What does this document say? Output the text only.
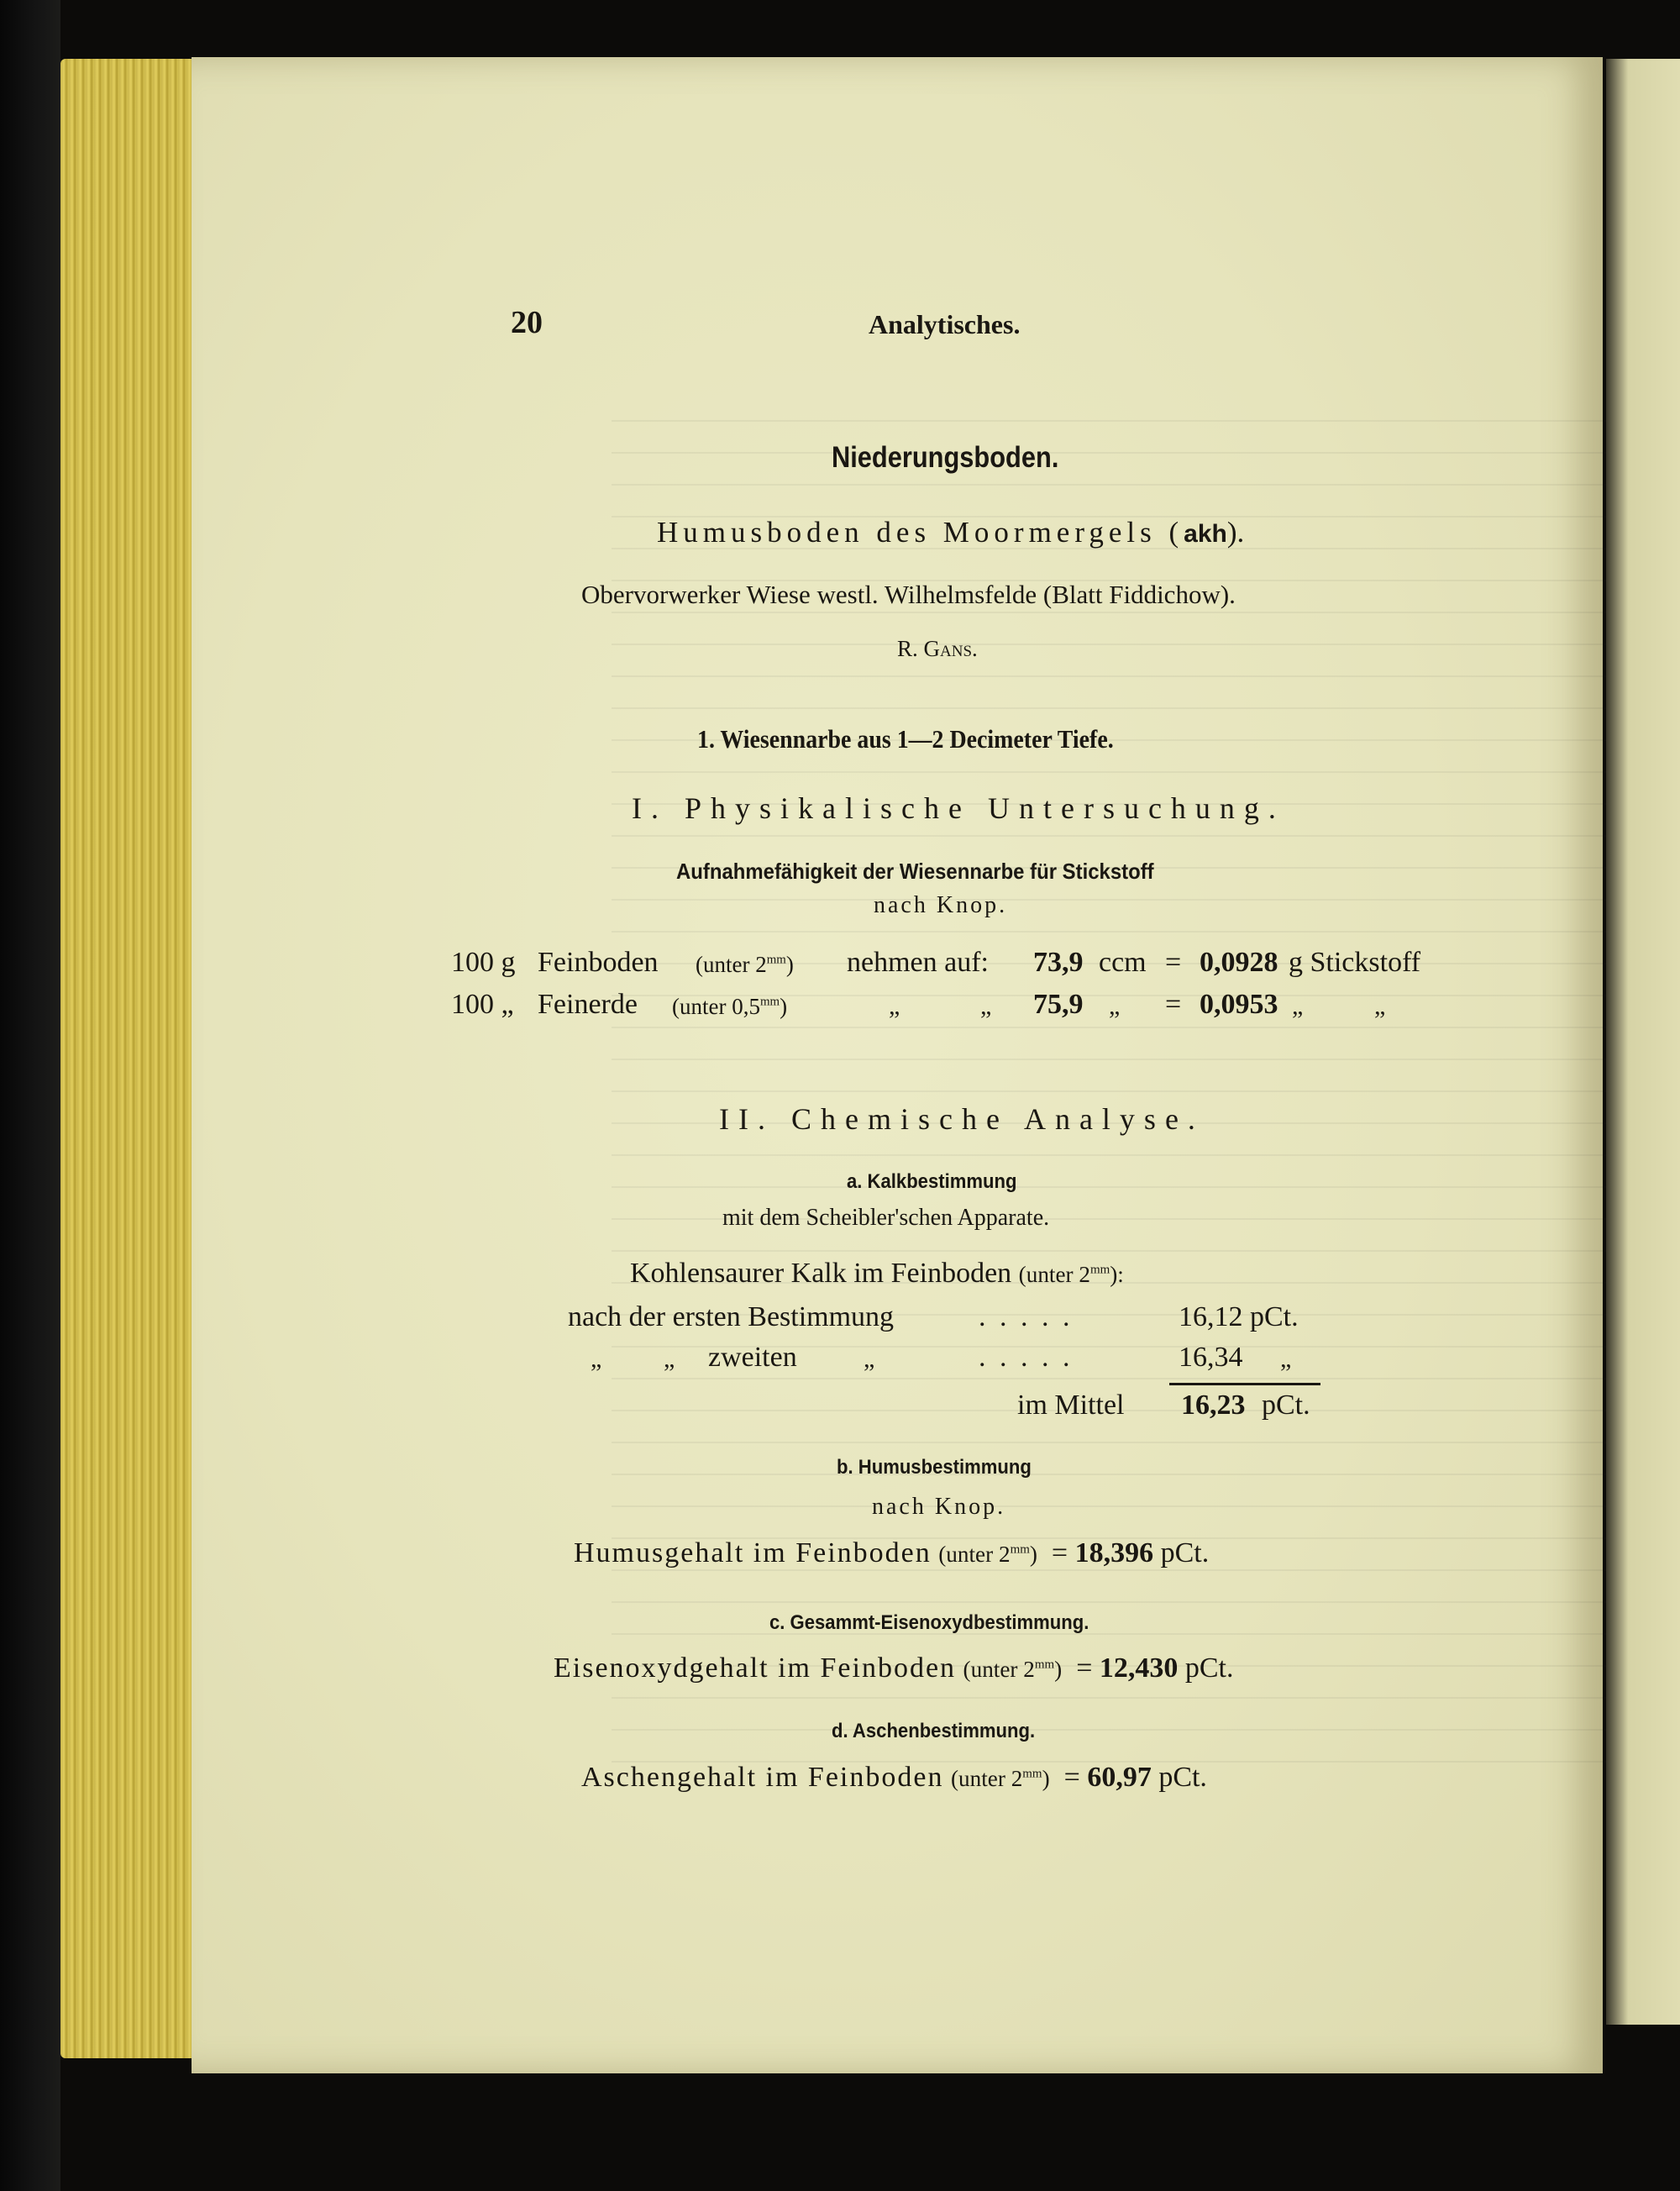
20	Analytisches.
Niederungsboden.
Humusboden des Moormergels (akh).
Obervorwerker Wiese westl. Wilhelmsfelde (Blatt Fiddichow).
R. Gans.
1. Wiesennarbe aus 1—2 Decimeter Tiefe.
I. Physikalische Untersuchung.
Aufnahmefähigkeit der Wiesennarbe für Stickstoff
nach Knop.
100 g Feinboden (unter $2^{mm}$) nehmen auf: 73,9 ccm = 0,0928 g Stickstoff
100 „ Feinerde (unter $0,5^{mm}$)	„	„ 75,9 „ = 0,0953 „	„
II. Chemische Analyse.
a. Kalkbestimmung
mit dem Scheibler'schen Apparate.
Kohlensaurer Kalk im Feinboden (unter $2^{mm}$):
nach der ersten Bestimmung	. . . . .	16,12 pCt.
„ „ zweiten	„	. . . . .	16,34 „
im Mittel 16,23 pCt.
b. Humusbestimmung
nach Knop.
Humusgehalt im Feinboden (unter $2^{mm}) = 18,396$ pCt.
c. Gesammt-Eisenoxydbestimmung.
Eisenoxydgehalt im Feinboden (unter $2^{mm}) = 12,430$ pCt.
d. Aschenbestimmung.
Aschengehalt im Feinboden (unter $2^{mm}) = 60,97$ pCt.
